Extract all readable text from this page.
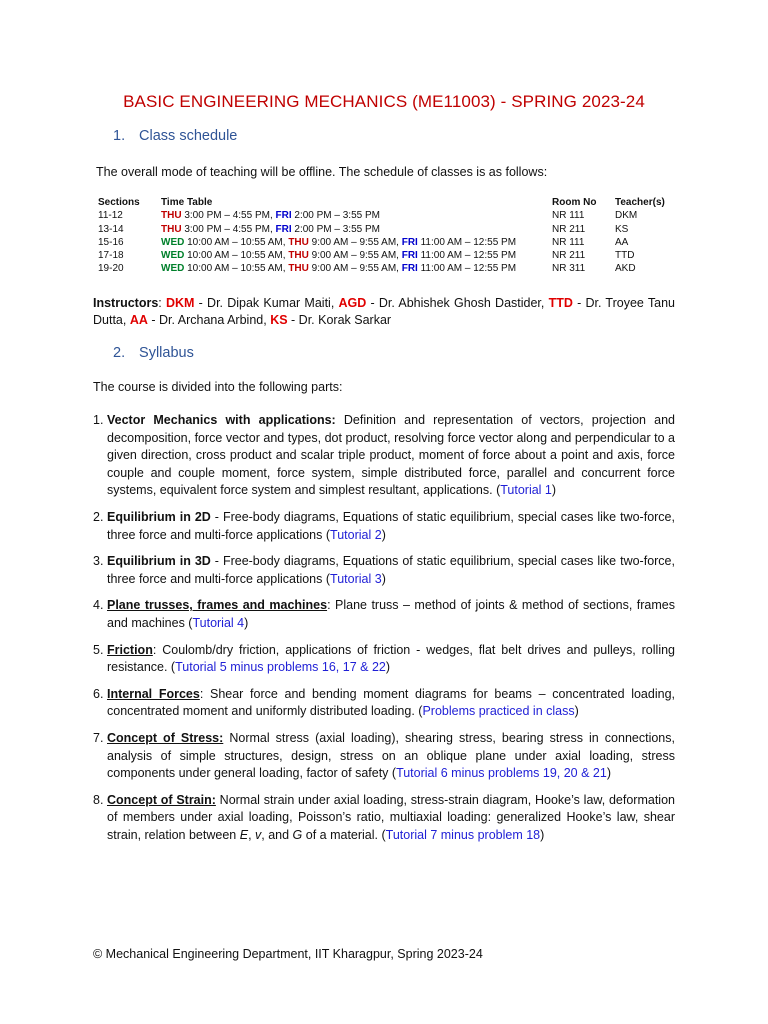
BASIC ENGINEERING MECHANICS (ME11003) - SPRING 2023-24
1. Class schedule
The overall mode of teaching will be offline. The schedule of classes is as follows:
Sections	Time Table	Room No	Teacher(s)
11-12	THU 3:00 PM – 4:55 PM, FRI 2:00 PM – 3:55 PM	NR 111	DKM
13-14	THU 3:00 PM – 4:55 PM, FRI 2:00 PM – 3:55 PM	NR 211	KS
15-16	WED 10:00 AM – 10:55 AM, THU 9:00 AM – 9:55 AM, FRI 11:00 AM – 12:55 PM	NR 111	AA
17-18	WED 10:00 AM – 10:55 AM, THU 9:00 AM – 9:55 AM, FRI 11:00 AM – 12:55 PM	NR 211	TTD
19-20	WED 10:00 AM – 10:55 AM, THU 9:00 AM – 9:55 AM, FRI 11:00 AM – 12:55 PM	NR 311	AKD
Instructors: DKM - Dr. Dipak Kumar Maiti, AGD - Dr. Abhishek Ghosh Dastider, TTD - Dr. Troyee Tanu Dutta, AA - Dr. Archana Arbind, KS - Dr. Korak Sarkar
2. Syllabus
The course is divided into the following parts:
1. Vector Mechanics with applications: Definition and representation of vectors, projection and decomposition, force vector and types, dot product, resolving force vector along and perpendicular to a given direction, cross product and scalar triple product, moment of force about a point and axis, force couple and couple moment, force system, simple distributed force, parallel and concurrent force systems, equivalent force system and simplest resultant, applications. (Tutorial 1)
2. Equilibrium in 2D - Free-body diagrams, Equations of static equilibrium, special cases like two-force, three force and multi-force applications (Tutorial 2)
3. Equilibrium in 3D - Free-body diagrams, Equations of static equilibrium, special cases like two-force, three force and multi-force applications (Tutorial 3)
4. Plane trusses, frames and machines: Plane truss – method of joints & method of sections, frames and machines (Tutorial 4)
5. Friction: Coulomb/dry friction, applications of friction - wedges, flat belt drives and pulleys, rolling resistance. (Tutorial 5 minus problems 16, 17 & 22)
6. Internal Forces: Shear force and bending moment diagrams for beams – concentrated loading, concentrated moment and uniformly distributed loading. (Problems practiced in class)
7. Concept of Stress: Normal stress (axial loading), shearing stress, bearing stress in connections, analysis of simple structures, design, stress on an oblique plane under axial loading, stress components under general loading, factor of safety (Tutorial 6 minus problems 19, 20 & 21)
8. Concept of Strain: Normal strain under axial loading, stress-strain diagram, Hooke’s law, deformation of members under axial loading, Poisson’s ratio, multiaxial loading: generalized Hooke’s law, shear strain, relation between E, v, and G of a material. (Tutorial 7 minus problem 18)
© Mechanical Engineering Department, IIT Kharagpur, Spring 2023-24
